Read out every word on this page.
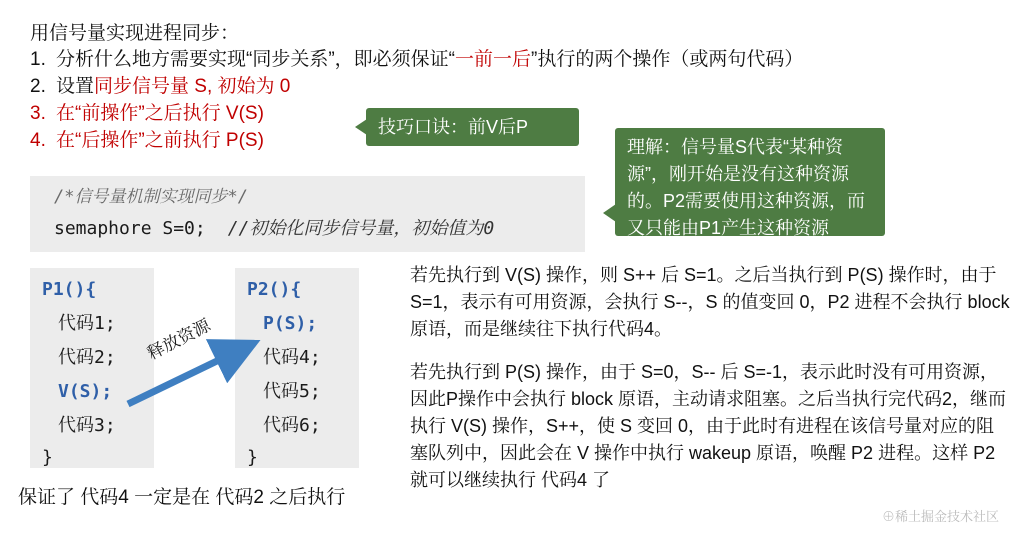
用信号量实现进程同步：
1. 分析什么地方需要实现“同步关系”，即必须保证“一前一后”执行的两个操作（或两句代码）
2. 设置同步信号量 S, 初始为 0
3. 在“前操作”之后执行 V(S)
4. 在“后操作”之前执行 P(S)
技巧口诀：前V后P
理解：信号量S代表“某种资源”，刚开始是没有这种资源的。P2需要使用这种资源，而又只能由P1产生这种资源
/*信号量机制实现同步*/
semaphore S=0; //初始化同步信号量，初始值为0
P1(){
代码1;
代码2;
V(S);
代码3;
}
P2(){
P(S);
代码4;
代码5;
代码6;
}
释放资源
保证了 代码4 一定是在 代码2 之后执行

若先执行到 V(S) 操作，则 S++ 后 S=1。之后当执行到 P(S) 操作时，由于 S=1，表示有可用资源，会执行 S--，S 的值变回 0，P2 进程不会执行 block 原语，而是继续往下执行代码4。

若先执行到 P(S) 操作，由于 S=0，S-- 后 S=-1，表示此时没有可用资源，因此P操作中会执行 block 原语，主动请求阻塞。之后当执行完代码2，继而执行 V(S) 操作，S++，使 S 变回 0，由于此时有进程在该信号量对应的阻塞队列中，因此会在 V 操作中执行 wakeup 原语，唤醒 P2 进程。这样 P2 就可以继续执行 代码4 了

⊕稀土掘金技术社区
